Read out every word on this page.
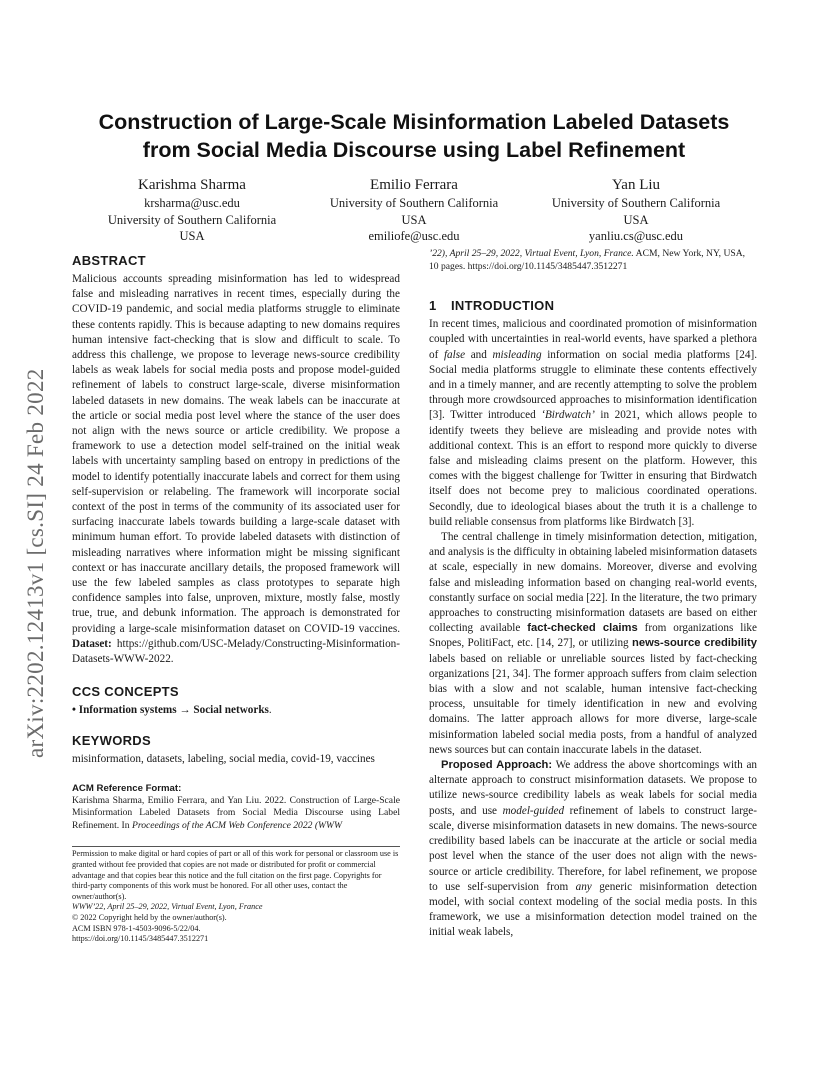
arXiv:2202.12413v1 [cs.SI] 24 Feb 2022
Construction of Large-Scale Misinformation Labeled Datasets
from Social Media Discourse using Label Refinement
Karishma Sharma
krsharma@usc.edu
University of Southern California
USA
Emilio Ferrara
University of Southern California
USA
emiliofe@usc.edu
Yan Liu
University of Southern California
USA
yanliu.cs@usc.edu
ABSTRACT

Malicious accounts spreading misinformation has led to widespread false and misleading narratives in recent times, especially during the COVID-19 pandemic, and social media platforms struggle to eliminate these contents rapidly. This is because adapting to new domains requires human intensive fact-checking that is slow and difficult to scale. To address this challenge, we propose to leverage news-source credibility labels as weak labels for social media posts and propose model-guided refinement of labels to construct large-scale, diverse misinformation labeled datasets in new domains. The weak labels can be inaccurate at the article or social media post level where the stance of the user does not align with the news source or article credibility. We propose a framework to use a detection model self-trained on the initial weak labels with uncertainty sampling based on entropy in predictions of the model to identify potentially inaccurate labels and correct for them using self-supervision or relabeling. The framework will incorporate social context of the post in terms of the community of its associated user for surfacing inaccurate labels towards building a large-scale dataset with minimum human effort. To provide labeled datasets with distinction of misleading narratives where information might be missing significant context or has inaccurate ancillary details, the proposed framework will use the few labeled samples as class prototypes to separate high confidence samples into false, unproven, mixture, mostly false, mostly true, true, and debunk information. The approach is demonstrated for providing a large-scale misinformation dataset on COVID-19 vaccines. Dataset: https://github.com/USC-Melady/Constructing-Misinformation-Datasets-WWW-2022.

CCS CONCEPTS

• Information systems → Social networks.

KEYWORDS

misinformation, datasets, labeling, social media, covid-19, vaccines

ACM Reference Format:

Karishma Sharma, Emilio Ferrara, and Yan Liu. 2022. Construction of Large-Scale Misinformation Labeled Datasets from Social Media Discourse using Label Refinement. In Proceedings of the ACM Web Conference 2022 (WWW

Permission to make digital or hard copies of part or all of this work for personal or classroom use is granted without fee provided that copies are not made or distributed for profit or commercial advantage and that copies bear this notice and the full citation on the first page. Copyrights for third-party components of this work must be honored. For all other uses, contact the owner/author(s).

WWW’22, April 25–29, 2022, Virtual Event, Lyon, France

© 2022 Copyright held by the owner/author(s).

ACM ISBN 978-1-4503-9096-5/22/04.

https://doi.org/10.1145/3485447.3512271

’22), April 25–29, 2022, Virtual Event, Lyon, France. ACM, New York, NY, USA, 10 pages. https://doi.org/10.1145/3485447.3512271

1 INTRODUCTION

In recent times, malicious and coordinated promotion of misinformation coupled with uncertainties in real-world events, have sparked a plethora of false and misleading information on social media platforms [24]. Social media platforms struggle to eliminate these contents effectively and in a timely manner, and are recently attempting to solve the problem through more crowdsourced approaches to misinformation identification [3]. Twitter introduced ‘Birdwatch’ in 2021, which allows people to identify tweets they believe are misleading and provide notes with additional context. This is an effort to respond more quickly to diverse false and misleading claims present on the platform. However, this comes with the biggest challenge for Twitter in ensuring that Birdwatch itself does not become prey to malicious coordinated operations. Secondly, due to ideological biases about the truth it is a challenge to build reliable consensus from platforms like Birdwatch [3].

The central challenge in timely misinformation detection, mitigation, and analysis is the difficulty in obtaining labeled misinformation datasets at scale, especially in new domains. Moreover, diverse and evolving false and misleading information based on changing real-world events, constantly surface on social media [22]. In the literature, the two primary approaches to constructing misinformation datasets are based on either collecting available fact-checked claims from organizations like Snopes, PolitiFact, etc. [14, 27], or utilizing news-source credibility labels based on reliable or unreliable sources listed by fact-checking organizations [21, 34]. The former approach suffers from claim selection bias with a slow and not scalable, human intensive fact-checking process, unsuitable for timely identification in new and evolving domains. The latter approach allows for more diverse, large-scale misinformation labeled social media posts, from a handful of analyzed news sources but can contain inaccurate labels in the dataset.

Proposed Approach: We address the above shortcomings with an alternate approach to construct misinformation datasets. We propose to utilize news-source credibility labels as weak labels for social media posts, and use model-guided refinement of labels to construct large-scale, diverse misinformation datasets in new domains. The news-source credibility based labels can be inaccurate at the article or social media post level when the stance of the user does not align with the news-source or article credibility. Therefore, for label refinement, we propose to use self-supervision from any generic misinformation detection model, with social context modeling of the social media posts. In this framework, we use a misinformation detection model trained on the initial weak labels,
